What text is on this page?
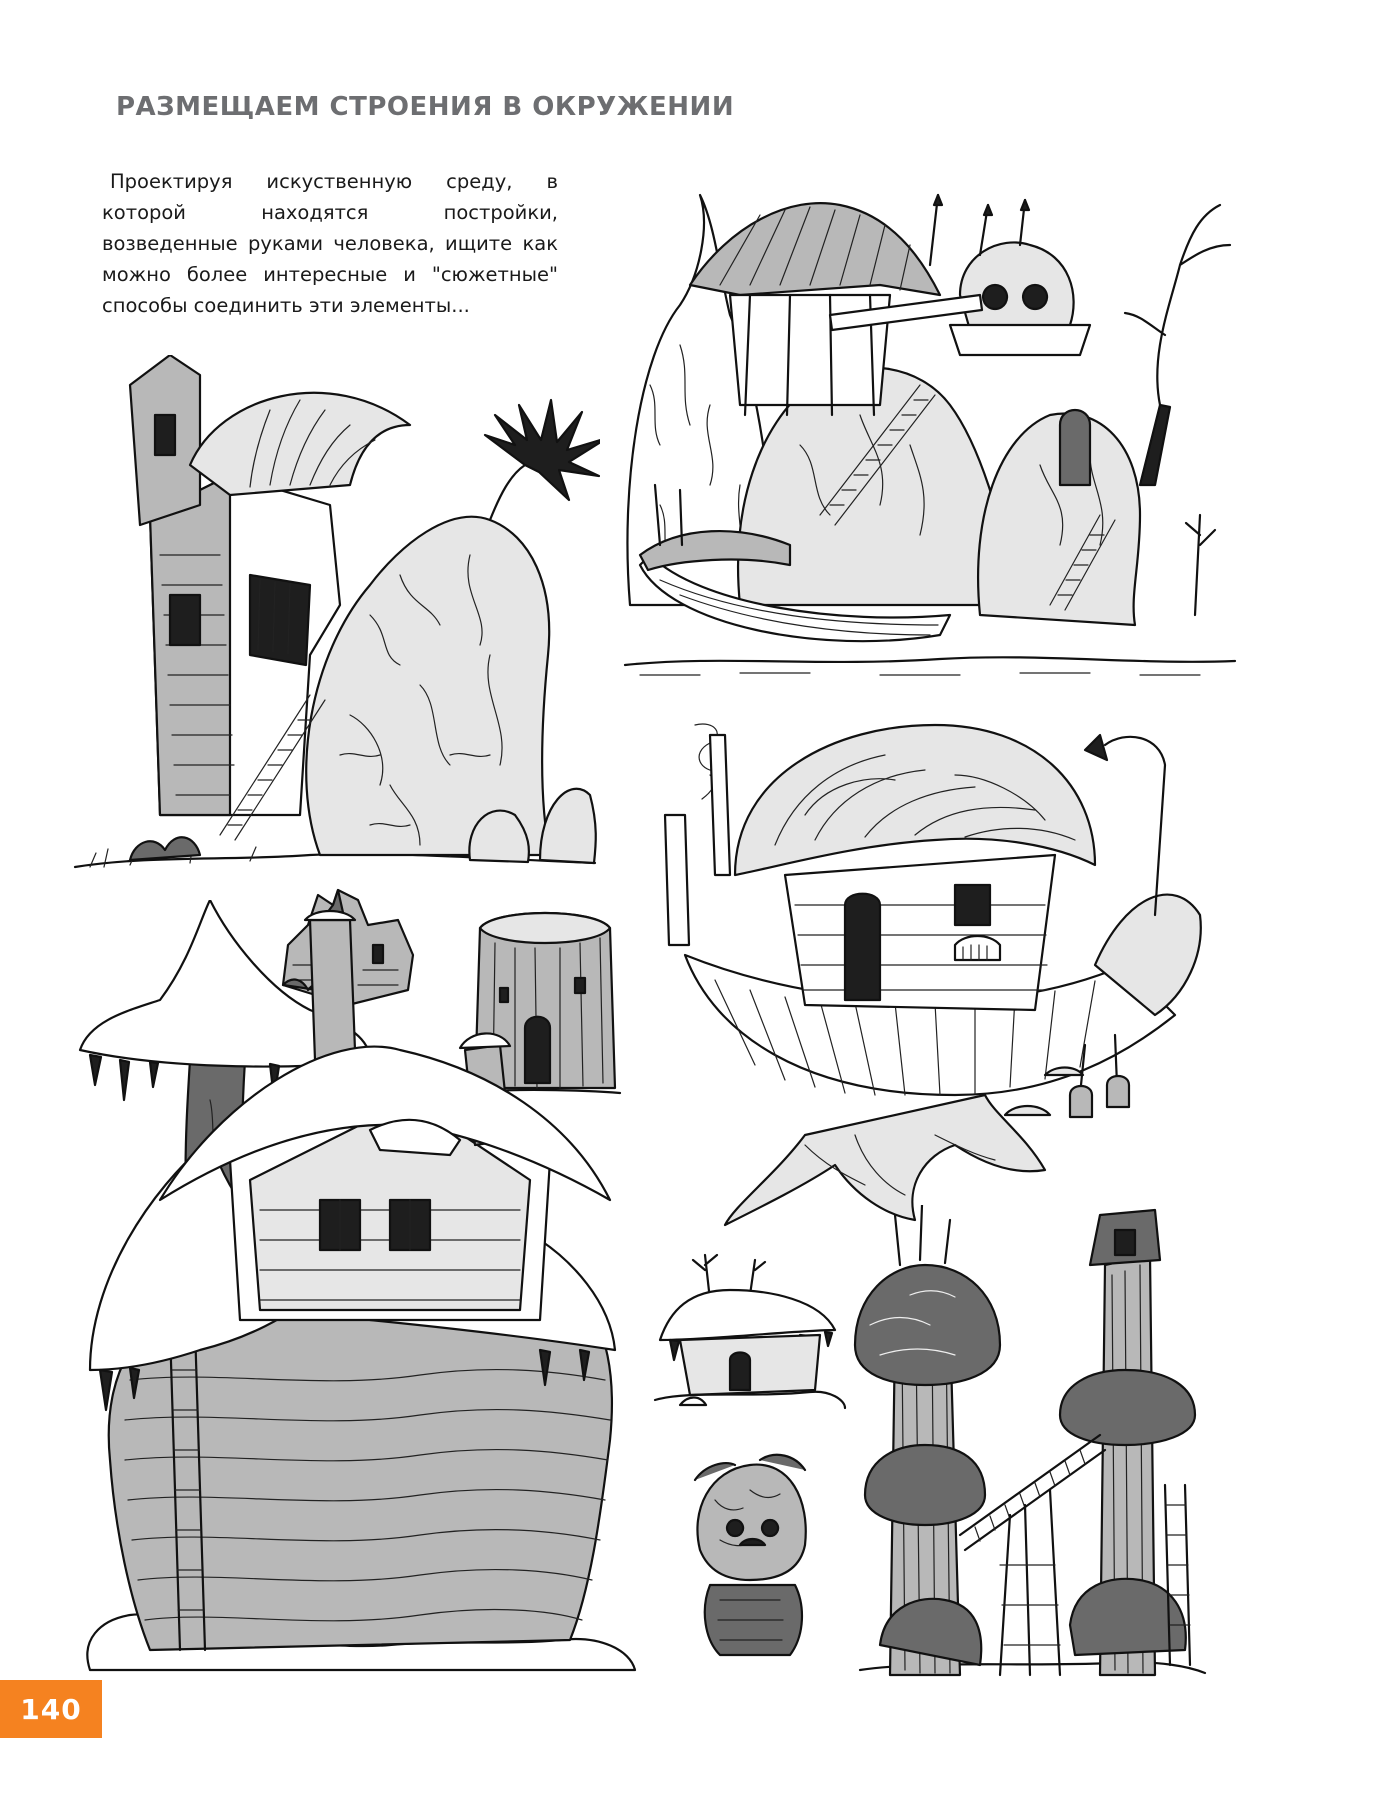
РАЗМЕЩАЕМ СТРОЕНИЯ В ОКРУЖЕНИИ
Проектируя искуственную среду, в которой находятся постройки, возведенные руками человека, ищите как можно более интересные и "сюжетные" способы соединить эти элементы...
140
